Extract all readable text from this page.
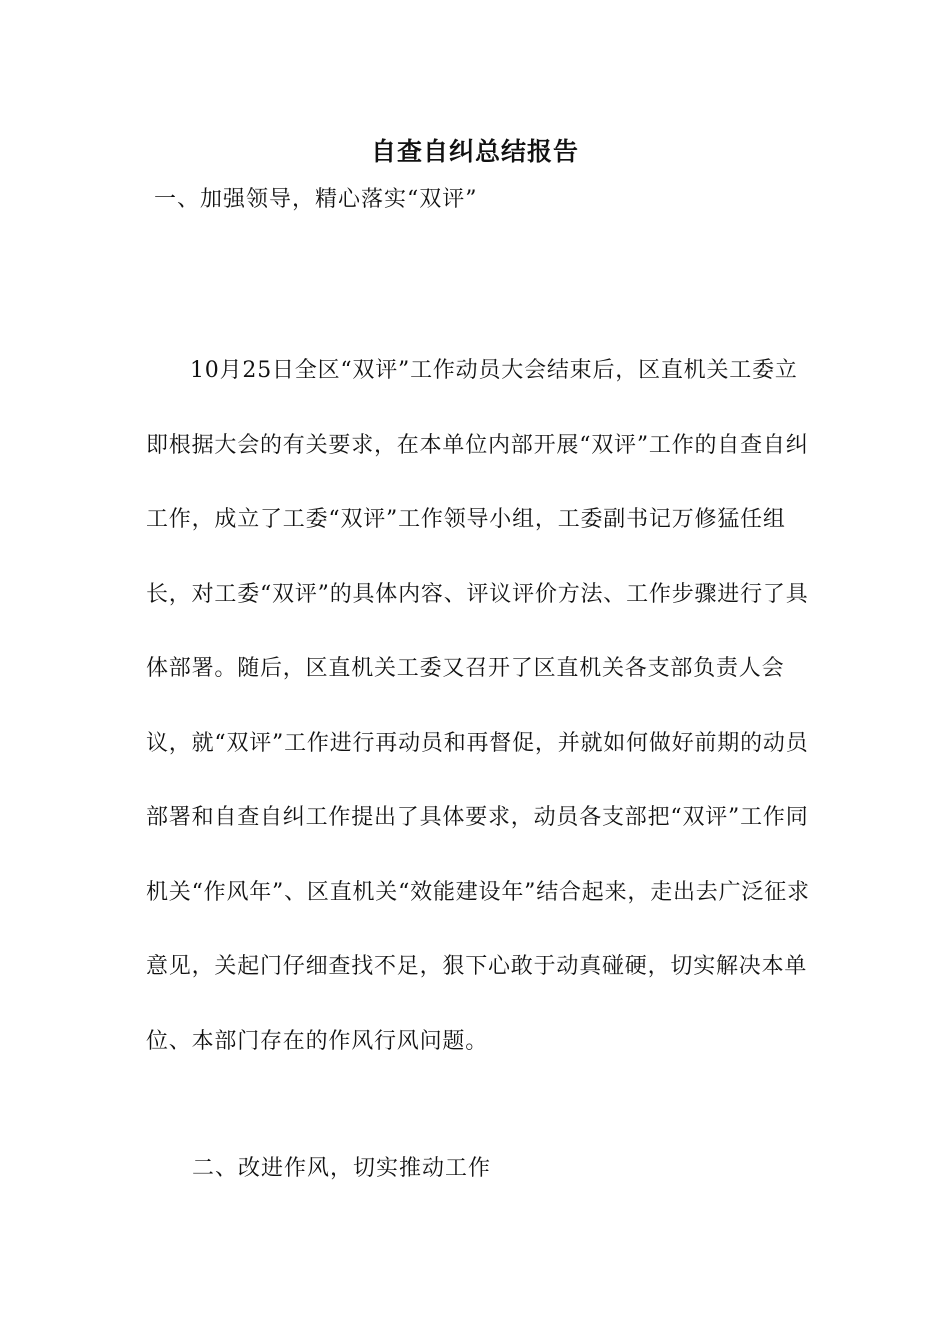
自查自纠总结报告
一、加强领导，精心落实“双评”

10月25日全区“双评”工作动员大会结束后，区直机关工委立即根据大会的有关要求，在本单位内部开展“双评”工作的自查自纠工作，成立了工委“双评”工作领导小组，工委副书记万修猛任组长，对工委“双评”的具体内容、评议评价方法、工作步骤进行了具体部署。随后，区直机关工委又召开了区直机关各支部负责人会议，就“双评”工作进行再动员和再督促，并就如何做好前期的动员部署和自查自纠工作提出了具体要求，动员各支部把“双评”工作同机关“作风年”、区直机关“效能建设年”结合起来，走出去广泛征求意见，关起门仔细查找不足，狠下心敢于动真碰硬，切实解决本单位、本部门存在的作风行风问题。

二、改进作风，切实推动工作
